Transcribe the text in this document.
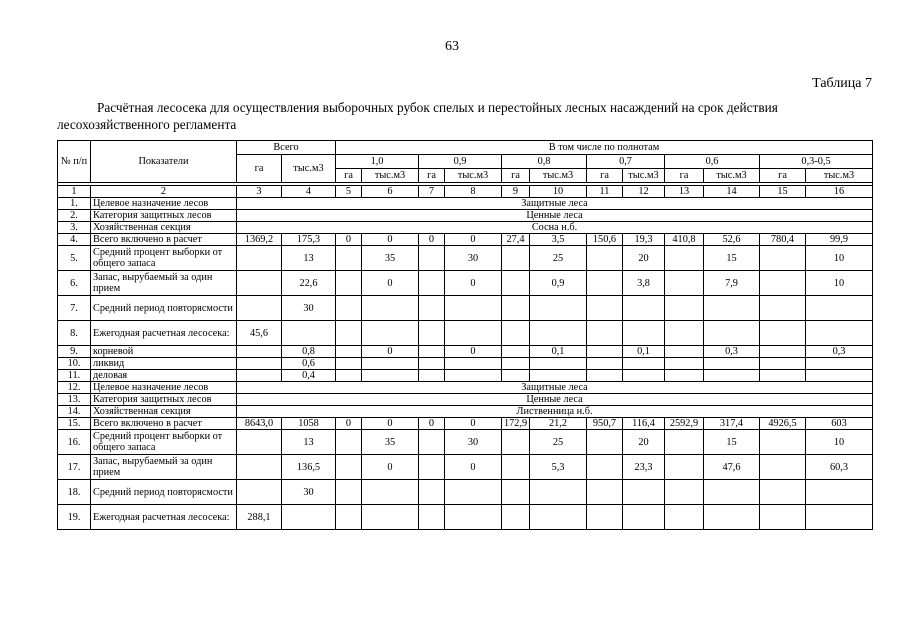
63
Таблица 7
Расчётная лесосека для осуществления выборочных рубок спелых и перестойных лесных насаждений на срок действия лесохозяйственного регламента
№ п/п	Показатели	Всего		В том числе по полнотам											
		га	тыс.м3	1,0		0,9		0,8		0,7		0,6		0,3-0,5	
				га	тыс.м3	га	тыс.м3	га	тыс.м3	га	тыс.м3	га	тыс.м3	га	тыс.м3

1	2	3	4	5	6	7	8	9	10	11	12	13	14	15	16
1.	Целевое назначение лесов	Защитные леса													
2.	Категория защитных лесов	Ценные леса													
3.	Хозяйственная секция	Сосна н.б.													
4.	Всего включено в расчет	1369,2	175,3	0	0	0	0	27,4	3,5	150,6	19,3	410,8	52,6	780,4	99,9
5.	Средний процент выборки от общего запаса		13		35		30		25		20		15		10
6.	Запас, вырубаемый за один прием		22,6		0		0		0,9		3,8		7,9		10
7.	Средний период повторясмости		30												
8.	Ежегодная расчетная лесосека:	45,6													
9.	корневой		0,8		0		0		0,1		0,1		0,3		0,3
10.	ликвид		0,6												
11.	деловая		0,4												
12.	Целевое назначение лесов	Защитные леса													
13.	Категория защитных лесов	Ценные леса													
14.	Хозяйственная секция	Лиственница н.б.													
15.	Всего включено в расчет	8643,0	1058	0	0	0	0	172,9	21,2	950,7	116,4	2592,9	317,4	4926,5	603
16.	Средний процент выборки от общего запаса		13		35		30		25		20		15		10
17.	Запас, вырубаемый за один прием		136,5		0		0		5,3		23,3		47,6		60,3
18.	Средний период повторясмости		30												
19.	Ежегодная расчетная лесосека:	288,1													
